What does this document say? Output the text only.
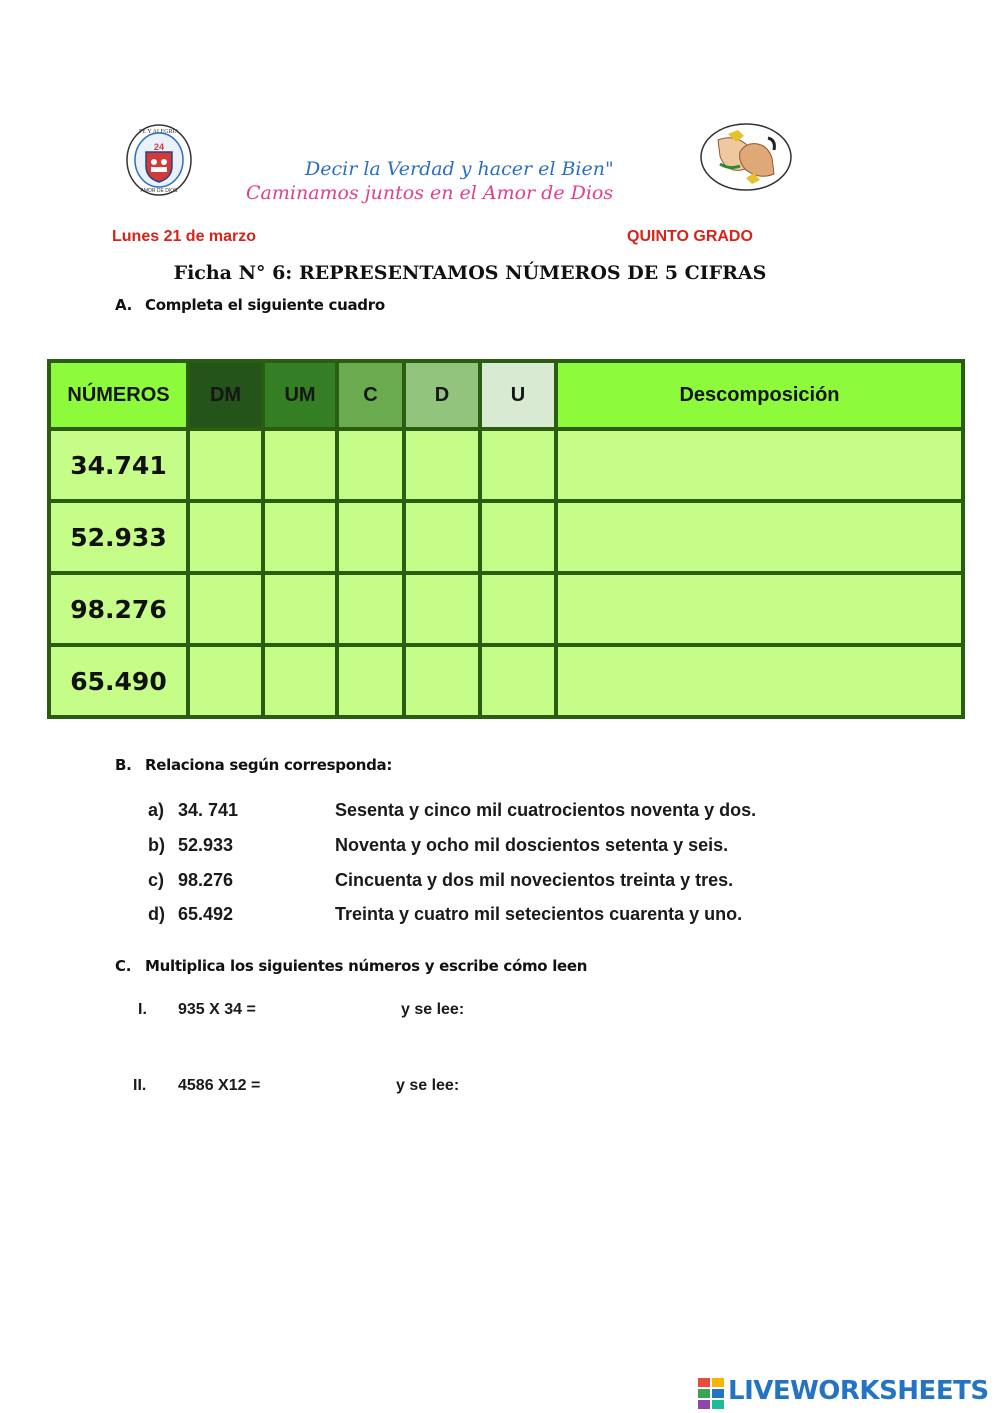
24
FE Y ALEGRIA
AMOR DE DIOS
Decir la Verdad y hacer el Bien"
Caminamos juntos en el Amor de Dios
Lunes 21 de marzo	QUINTO GRADO
Ficha N° 6: REPRESENTAMOS NÚMEROS DE 5 CIFRAS
A. Completa el siguiente cuadro
NÚMEROS	DM	UM	C	D	U	Descomposición
34.741						
52.933						
98.276						
65.490						
B. Relaciona según corresponda:
a) 34. 741	Sesenta y cinco mil cuatrocientos noventa y dos.
b) 52.933	Noventa y ocho mil doscientos setenta y seis.
c) 98.276	Cincuenta y dos mil novecientos treinta y tres.
d) 65.492	Treinta y cuatro mil setecientos cuarenta y uno.
C. Multiplica los siguientes números y escribe cómo leen
I. 935 X 34 =	y se lee:
II. 4586 X12 =	y se lee:
LIVEWORKSHEETS
